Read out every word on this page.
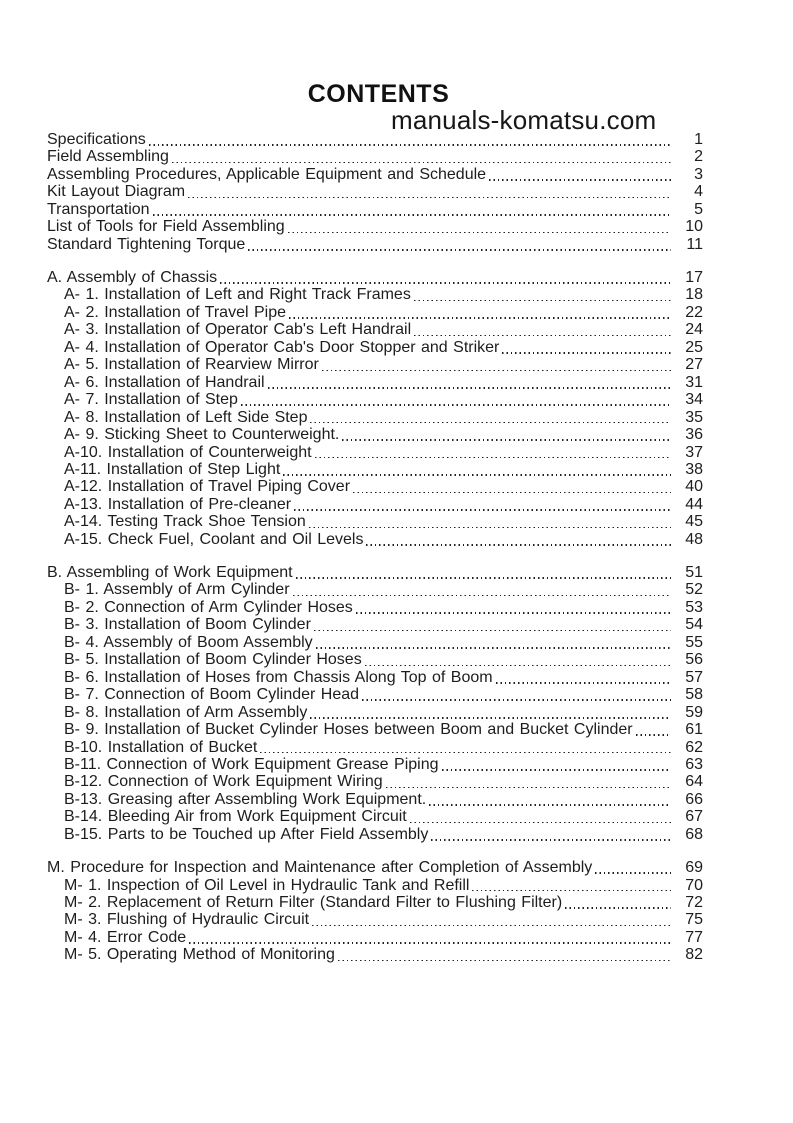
CONTENTS
manuals-komatsu.com
Specifications	1
Field Assembling	2
Assembling Procedures, Applicable Equipment and Schedule	3
Kit Layout Diagram	4
Transportation	5
List of Tools for Field Assembling	10
Standard Tightening Torque	11
A. Assembly of Chassis	17
A- 1. Installation of Left and Right Track Frames	18
A- 2. Installation of Travel Pipe	22
A- 3. Installation of Operator Cab's Left Handrail	24
A- 4. Installation of Operator Cab's Door Stopper and Striker	25
A- 5. Installation of Rearview Mirror	27
A- 6. Installation of Handrail	31
A- 7. Installation of Step	34
A- 8. Installation of Left Side Step	35
A- 9. Sticking Sheet to Counterweight.	36
A-10. Installation of Counterweight	37
A-11. Installation of Step Light	38
A-12. Installation of Travel Piping Cover	40
A-13. Installation of Pre-cleaner	44
A-14. Testing Track Shoe Tension	45
A-15. Check Fuel, Coolant and Oil Levels	48
B. Assembling of Work Equipment	51
B- 1. Assembly of Arm Cylinder	52
B- 2. Connection of Arm Cylinder Hoses	53
B- 3. Installation of Boom Cylinder	54
B- 4. Assembly of Boom Assembly	55
B- 5. Installation of Boom Cylinder Hoses	56
B- 6. Installation of Hoses from Chassis Along Top of Boom	57
B- 7. Connection of Boom Cylinder Head	58
B- 8. Installation of Arm Assembly	59
B- 9. Installation of Bucket Cylinder Hoses between Boom and Bucket Cylinder	61
B-10. Installation of Bucket	62
B-11. Connection of Work Equipment Grease Piping	63
B-12. Connection of Work Equipment Wiring	64
B-13. Greasing after Assembling Work Equipment.	66
B-14. Bleeding Air from Work Equipment Circuit	67
B-15. Parts to be Touched up After Field Assembly	68
M. Procedure for Inspection and Maintenance after Completion of Assembly	69
M- 1. Inspection of Oil Level in Hydraulic Tank and Refill	70
M- 2. Replacement of Return Filter (Standard Filter to Flushing Filter)	72
M- 3. Flushing of Hydraulic Circuit	75
M- 4. Error Code	77
M- 5. Operating Method of Monitoring	82
